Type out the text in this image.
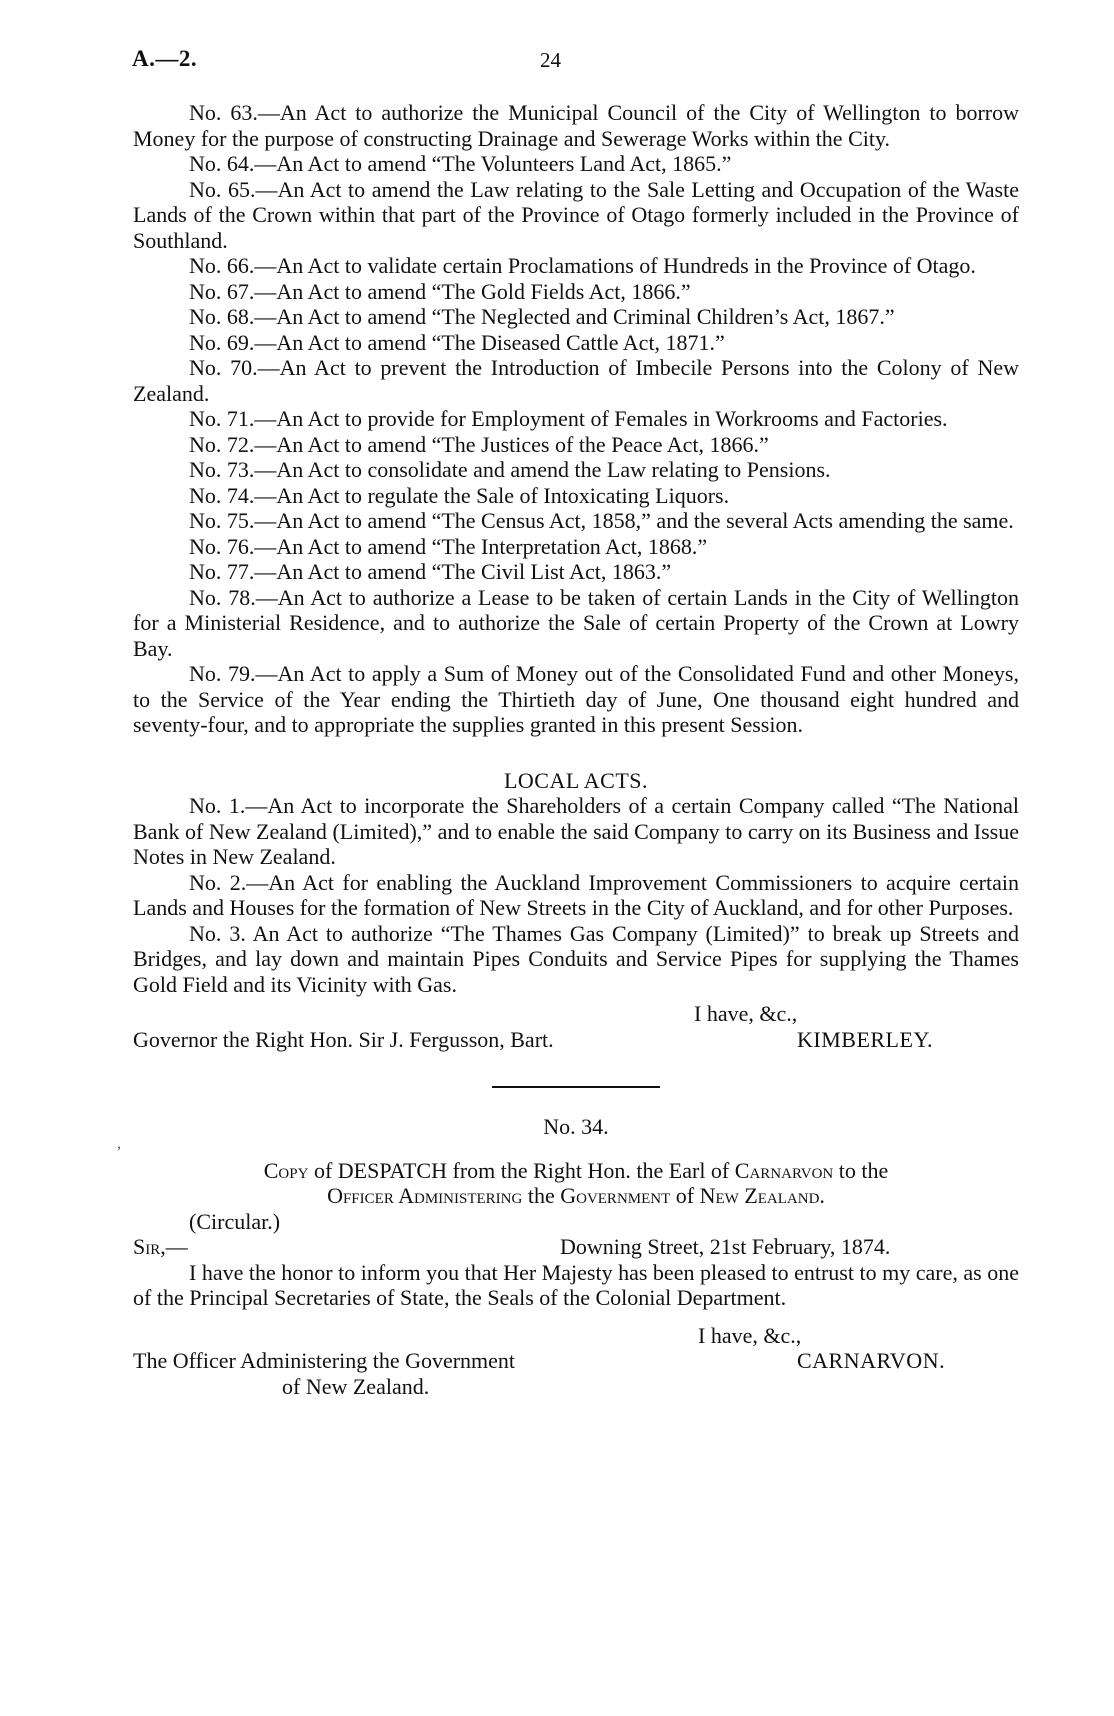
A.—2.	24
,

No. 63.—An Act to authorize the Municipal Council of the City of Wellington to borrow Money for the purpose of constructing Drainage and Sewerage Works within the City.

No. 64.—An Act to amend “The Volunteers Land Act, 1865.”

No. 65.—An Act to amend the Law relating to the Sale Letting and Occupation of the Waste Lands of the Crown within that part of the Province of Otago formerly included in the Province of Southland.

No. 66.—An Act to validate certain Proclamations of Hundreds in the Province of Otago.

No. 67.—An Act to amend “The Gold Fields Act, 1866.”

No. 68.—An Act to amend “The Neglected and Criminal Children’s Act, 1867.”

No. 69.—An Act to amend “The Diseased Cattle Act, 1871.”

No. 70.—An Act to prevent the Introduction of Imbecile Persons into the Colony of New Zealand.

No. 71.—An Act to provide for Employment of Females in Workrooms and Factories.

No. 72.—An Act to amend “The Justices of the Peace Act, 1866.”

No. 73.—An Act to consolidate and amend the Law relating to Pensions.

No. 74.—An Act to regulate the Sale of Intoxicating Liquors.

No. 75.—An Act to amend “The Census Act, 1858,” and the several Acts amending the same.

No. 76.—An Act to amend “The Interpretation Act, 1868.”

No. 77.—An Act to amend “The Civil List Act, 1863.”

No. 78.—An Act to authorize a Lease to be taken of certain Lands in the City of Wellington for a Ministerial Residence, and to authorize the Sale of certain Property of the Crown at Lowry Bay.

No. 79.—An Act to apply a Sum of Money out of the Consolidated Fund and other Moneys, to the Service of the Year ending the Thirtieth day of June, One thousand eight hundred and seventy-four, and to appropriate the supplies granted in this present Session.

LOCAL ACTS.

No. 1.—An Act to incorporate the Shareholders of a certain Company called “The National Bank of New Zealand (Limited),” and to enable the said Company to carry on its Business and Issue Notes in New Zealand.

No. 2.—An Act for enabling the Auckland Improvement Commissioners to acquire certain Lands and Houses for the formation of New Streets in the City of Auckland, and for other Purposes.

No. 3. An Act to authorize “The Thames Gas Company (Limited)” to break up Streets and Bridges, and lay down and maintain Pipes Conduits and Service Pipes for supplying the Thames Gold Field and its Vicinity with Gas.

I have, &c.,
Governor the Right Hon. Sir J. Fergusson, Bart.	KIMBERLEY.

No. 34.

Copy of DESPATCH from the Right Hon. the Earl of Carnarvon to the
Officer Administering the Government of New Zealand.

(Circular.)

Sir,—	Downing Street, 21st February, 1874.

I have the honor to inform you that Her Majesty has been pleased to entrust to my care, as one of the Principal Secretaries of State, the Seals of the Colonial Department.

I have, &c.,
The Officer Administering the Government
of New Zealand.
CARNARVON.
